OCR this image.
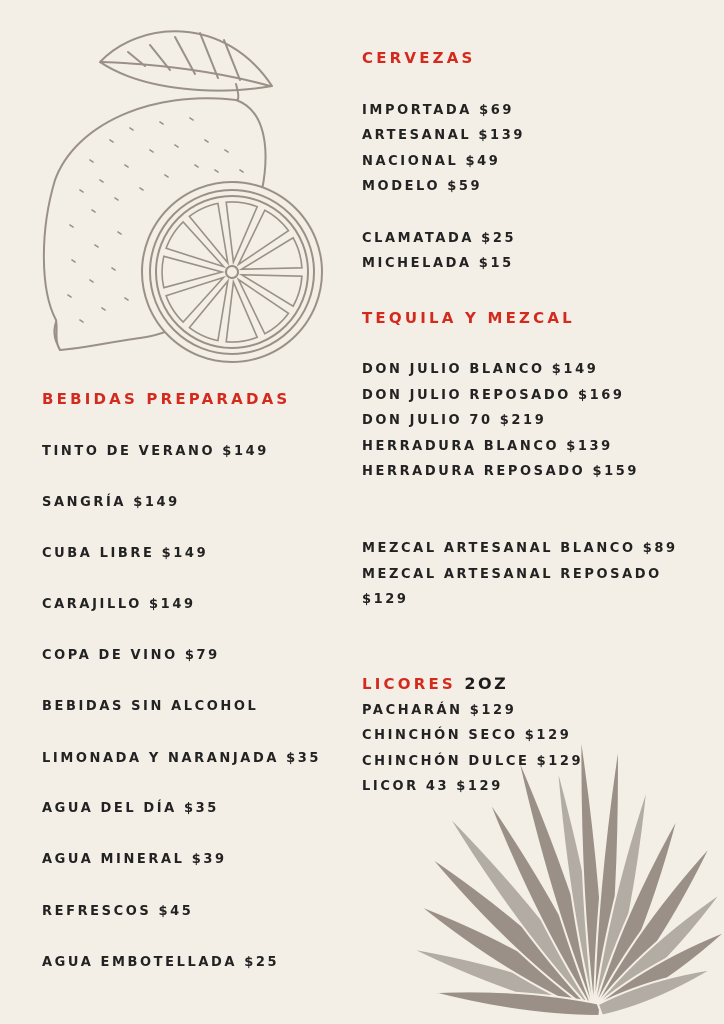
CERVEZAS
IMPORTADA $69
ARTESANAL $139
NACIONAL $49
MODELO $59
CLAMATADA $25
MICHELADA $15
TEQUILA Y MEZCAL
DON JULIO BLANCO $149
DON JULIO REPOSADO $169
DON JULIO 70 $219
HERRADURA BLANCO $139
HERRADURA REPOSADO $159
MEZCAL ARTESANAL BLANCO $89
MEZCAL ARTESANAL REPOSADO
$129
LICORES 2OZ
PACHARÁN $129
CHINCHÓN SECO $129
CHINCHÓN DULCE $129
LICOR 43 $129
BEBIDAS PREPARADAS
TINTO DE VERANO $149
SANGRÍA $149
CUBA LIBRE $149
CARAJILLO $149
COPA DE VINO $79
BEBIDAS SIN ALCOHOL
LIMONADA Y NARANJADA $35
AGUA DEL DÍA $35
AGUA MINERAL $39
REFRESCOS $45
AGUA EMBOTELLADA $25
